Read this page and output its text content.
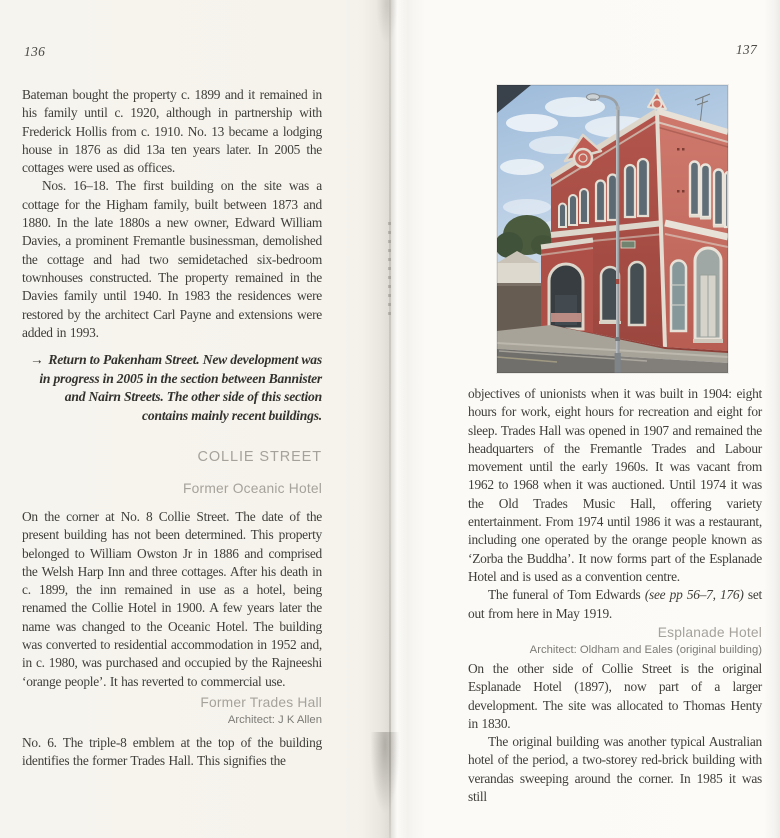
136

Bateman bought the property c. 1899 and it remained in his family until c. 1920, although in partnership with Frederick Hollis from c. 1910. No. 13 became a lodging house in 1876 as did 13a ten years later. In 2005 the cottages were used as offices.

Nos. 16–18. The first building on the site was a cottage for the Higham family, built between 1873 and 1880. In the late 1880s a new owner, Edward William Davies, a prominent Fremantle businessman, demolished the cottage and had two semidetached six-bedroom townhouses constructed. The property remained in the Davies family until 1940. In 1983 the residences were restored by the architect Carl Payne and extensions were added in 1993.

→ Return to Pakenham Street. New development was in progress in 2005 in the section between Bannister and Nairn Streets. The other side of this section contains mainly recent buildings.
COLLIE STREET
Former Oceanic Hotel

On the corner at No. 8 Collie Street. The date of the present building has not been determined. This property belonged to William Owston Jr in 1886 and comprised the Welsh Harp Inn and three cottages. After his death in c. 1899, the inn remained in use as a hotel, being renamed the Collie Hotel in 1900. A few years later the name was changed to the Oceanic Hotel. The building was converted to residential accommodation in 1952 and, in c. 1980, was purchased and occupied by the Rajneeshi ‘orange people’. It has reverted to commercial use.

Former Trades Hall
Architect: J K Allen

No. 6. The triple-8 emblem at the top of the building identifies the former Trades Hall. This signifies the

137

objectives of unionists when it was built in 1904: eight hours for work, eight hours for recreation and eight for sleep. Trades Hall was opened in 1907 and remained the headquarters of the Fremantle Trades and Labour movement until the early 1960s. It was vacant from 1962 to 1968 when it was auctioned. Until 1974 it was the Old Trades Music Hall, offering variety entertainment. From 1974 until 1986 it was a restaurant, including one operated by the orange people known as ‘Zorba the Buddha’. It now forms part of the Esplanade Hotel and is used as a convention centre.

The funeral of Tom Edwards (see pp 56–7, 176) set out from here in May 1919.

Esplanade Hotel
Architect: Oldham and Eales (original building)

On the other side of Collie Street is the original Esplanade Hotel (1897), now part of a larger development. The site was allocated to Thomas Henty in 1830.

The original building was another typical Australian hotel of the period, a two-storey red-brick building with verandas sweeping around the corner. In 1985 it was still
